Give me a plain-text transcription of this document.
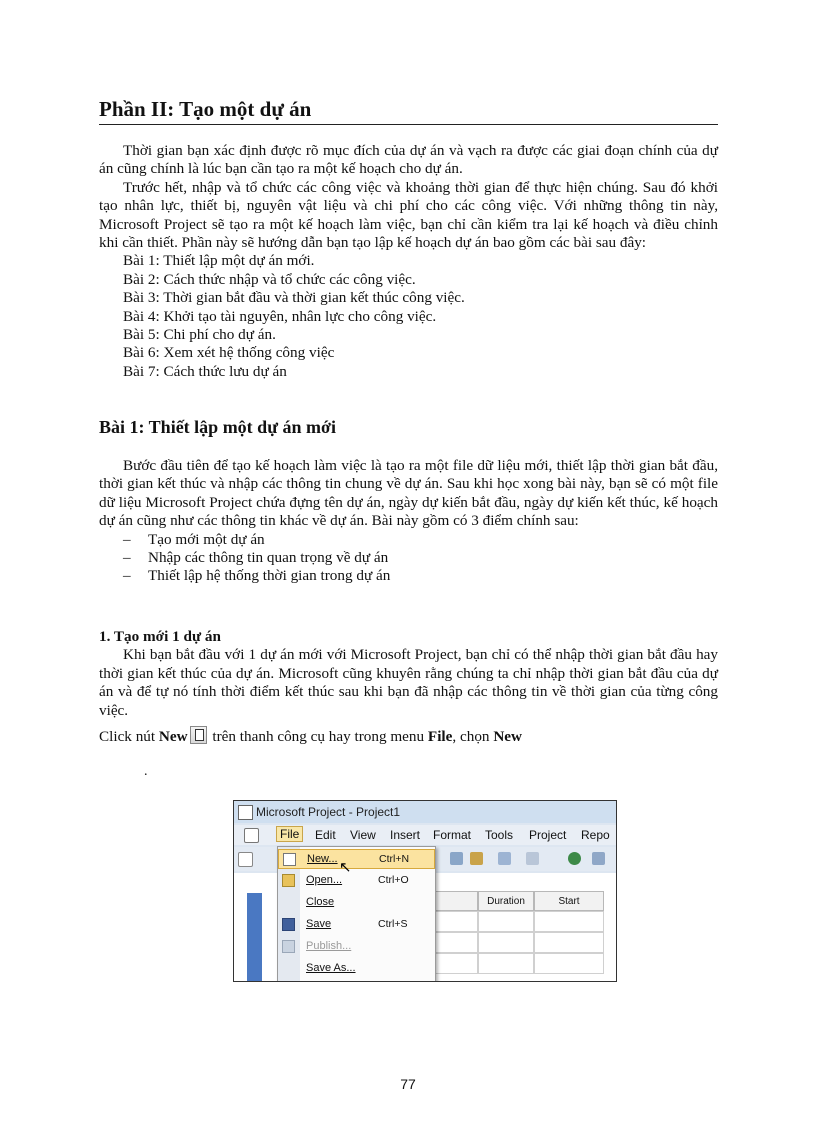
Phần II: Tạo một dự án

Thời gian bạn xác định được rõ mục đích của dự án và vạch ra được các giai đoạn chính của dự án cũng chính là lúc bạn cần tạo ra một kế hoạch cho dự án.

Trước hết, nhập và tổ chức các công việc và khoảng thời gian để thực hiện chúng. Sau đó khởi tạo nhân lực, thiết bị, nguyên vật liệu và chi phí cho các công việc. Với những thông tin này, Microsoft Project sẽ tạo ra một kế hoạch làm việc, bạn chỉ cần kiểm tra lại kế hoạch và điều chỉnh khi cần thiết. Phần này sẽ hướng dẫn bạn tạo lập kế hoạch dự án bao gồm các bài sau đây:

Bài 1: Thiết lập một dự án mới.

Bài 2: Cách thức nhập và tổ chức các công việc.

Bài 3: Thời gian bắt đầu và thời gian kết thúc công việc.

Bài 4: Khởi tạo tài nguyên, nhân lực cho công việc.

Bài 5: Chi phí cho dự án.

Bài 6: Xem xét hệ thống công việc

Bài 7: Cách thức lưu dự án

Bài 1: Thiết lập một dự án mới

Bước đầu tiên để tạo kế hoạch làm việc là tạo ra một file dữ liệu mới, thiết lập thời gian bắt đầu, thời gian kết thúc và nhập các thông tin chung về dự án. Sau khi học xong bài này, bạn sẽ có một file dữ liệu Microsoft Project chứa đựng tên dự án, ngày dự kiến bắt đầu, ngày dự kiến kết thúc, kế hoạch dự án cũng như các thông tin khác về dự án. Bài này gồm có 3 điểm chính sau:

– Tạo mới một dự án

– Nhập các thông tin quan trọng về dự án

– Thiết lập hệ thống thời gian trong dự án

1. Tạo mới 1 dự án

Khi bạn bắt đầu với 1 dự án mới với Microsoft Project, bạn chỉ có thể nhập thời gian bắt đầu hay thời gian kết thúc của dự án. Microsoft cũng khuyên rằng chúng ta chỉ nhập thời gian bắt đầu của dự án và để tự nó tính thời điểm kết thúc sau khi bạn đã nhập các thông tin về thời gian của từng công việc.

Click nút New trên thanh công cụ hay trong menu File, chọn New

.
Microsoft Project - Project1
File	Edit View Insert Format Tools Project Repo
Duration	Start
New...	Ctrl+N
Open...	Ctrl+O
Close
Save	Ctrl+S
Publish...
Save As...
↖
77
